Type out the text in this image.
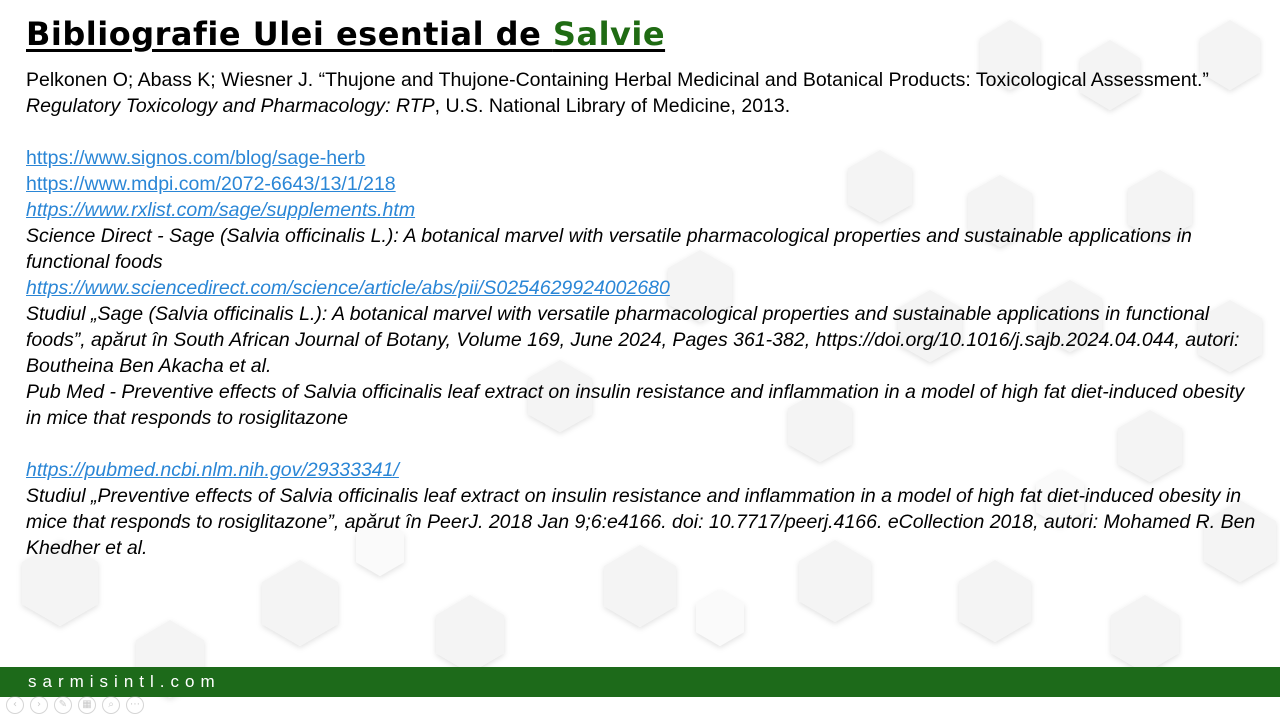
Bibliografie Ulei esential de Salvie

Pelkonen O; Abass K; Wiesner J. “Thujone and Thujone-Containing Herbal Medicinal and Botanical Products: Toxicological Assessment.” Regulatory Toxicology and Pharmacology: RTP, U.S. National Library of Medicine, 2013.

https://www.signos.com/blog/sage-herb

https://www.mdpi.com/2072-6643/13/1/218

https://www.rxlist.com/sage/supplements.htm

Science Direct - Sage (Salvia officinalis L.): A botanical marvel with versatile pharmacological properties and sustainable applications in functional foods

https://www.sciencedirect.com/science/article/abs/pii/S0254629924002680

Studiul „Sage (Salvia officinalis L.): A botanical marvel with versatile pharmacological properties and sustainable applications in functional foods”, apărut în South African Journal of Botany, Volume 169, June 2024, Pages 361-382, https://doi.org/10.1016/j.sajb.2024.04.044, autori: Boutheina Ben Akacha et al.

Pub Med - Preventive effects of Salvia officinalis leaf extract on insulin resistance and inflammation in a model of high fat diet-induced obesity in mice that responds to rosiglitazone

https://pubmed.ncbi.nlm.nih.gov/29333341/

Studiul „Preventive effects of Salvia officinalis leaf extract on insulin resistance and inflammation in a model of high fat diet-induced obesity in mice that responds to rosiglitazone”, apărut în PeerJ. 2018 Jan 9;6:e4166. doi: 10.7717/peerj.4166. eCollection 2018, autori: Mohamed R. Ben Khedher et al.

sarmisintl.com
‹	›	✎	▦	⌕	⋯
